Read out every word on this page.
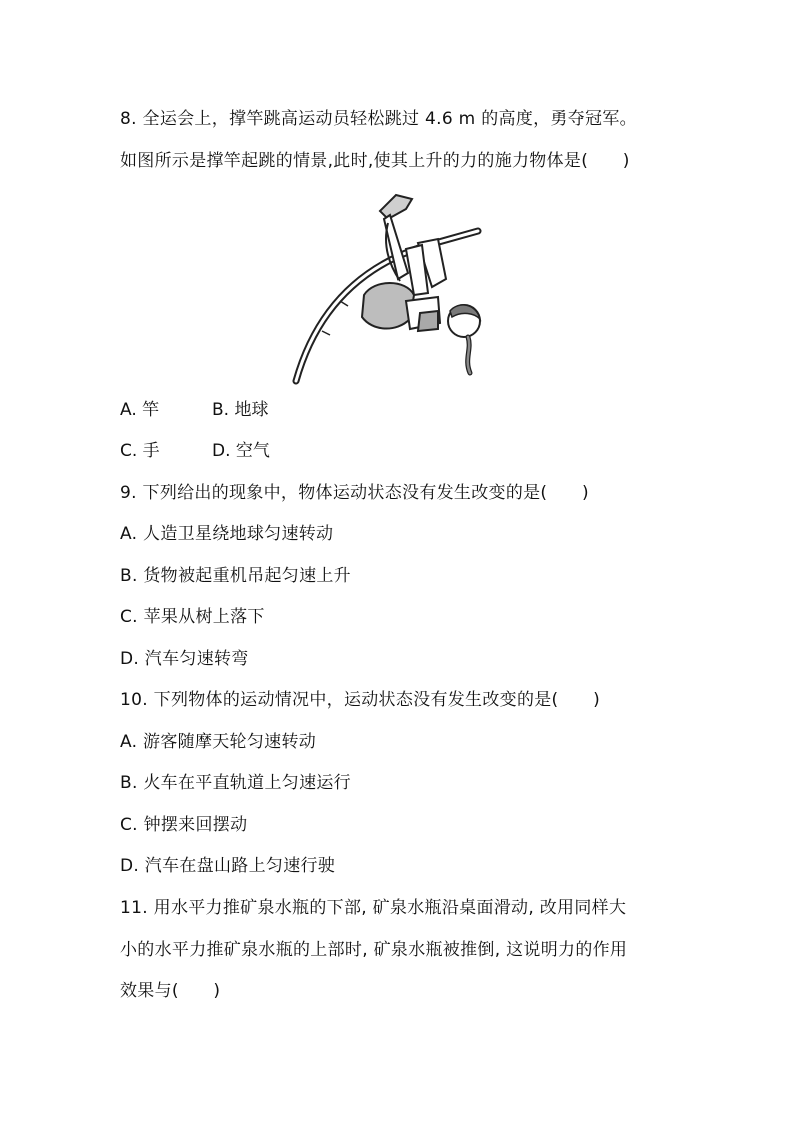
8. 全运会上，撑竿跳高运动员轻松跳过 4.6 m 的高度，勇夺冠军。
如图所示是撑竿起跳的情景,此时,使其上升的力的施力物体是(　　)
A. 竿	B. 地球
C. 手	D. 空气
9. 下列给出的现象中，物体运动状态没有发生改变的是(　　)
A. 人造卫星绕地球匀速转动
B. 货物被起重机吊起匀速上升
C. 苹果从树上落下
D. 汽车匀速转弯
10. 下列物体的运动情况中，运动状态没有发生改变的是(　　)
A. 游客随摩天轮匀速转动
B. 火车在平直轨道上匀速运行
C. 钟摆来回摆动
D. 汽车在盘山路上匀速行驶
11. 用水平力推矿泉水瓶的下部, 矿泉水瓶沿桌面滑动, 改用同样大
小的水平力推矿泉水瓶的上部时, 矿泉水瓶被推倒, 这说明力的作用
效果与(　　)
